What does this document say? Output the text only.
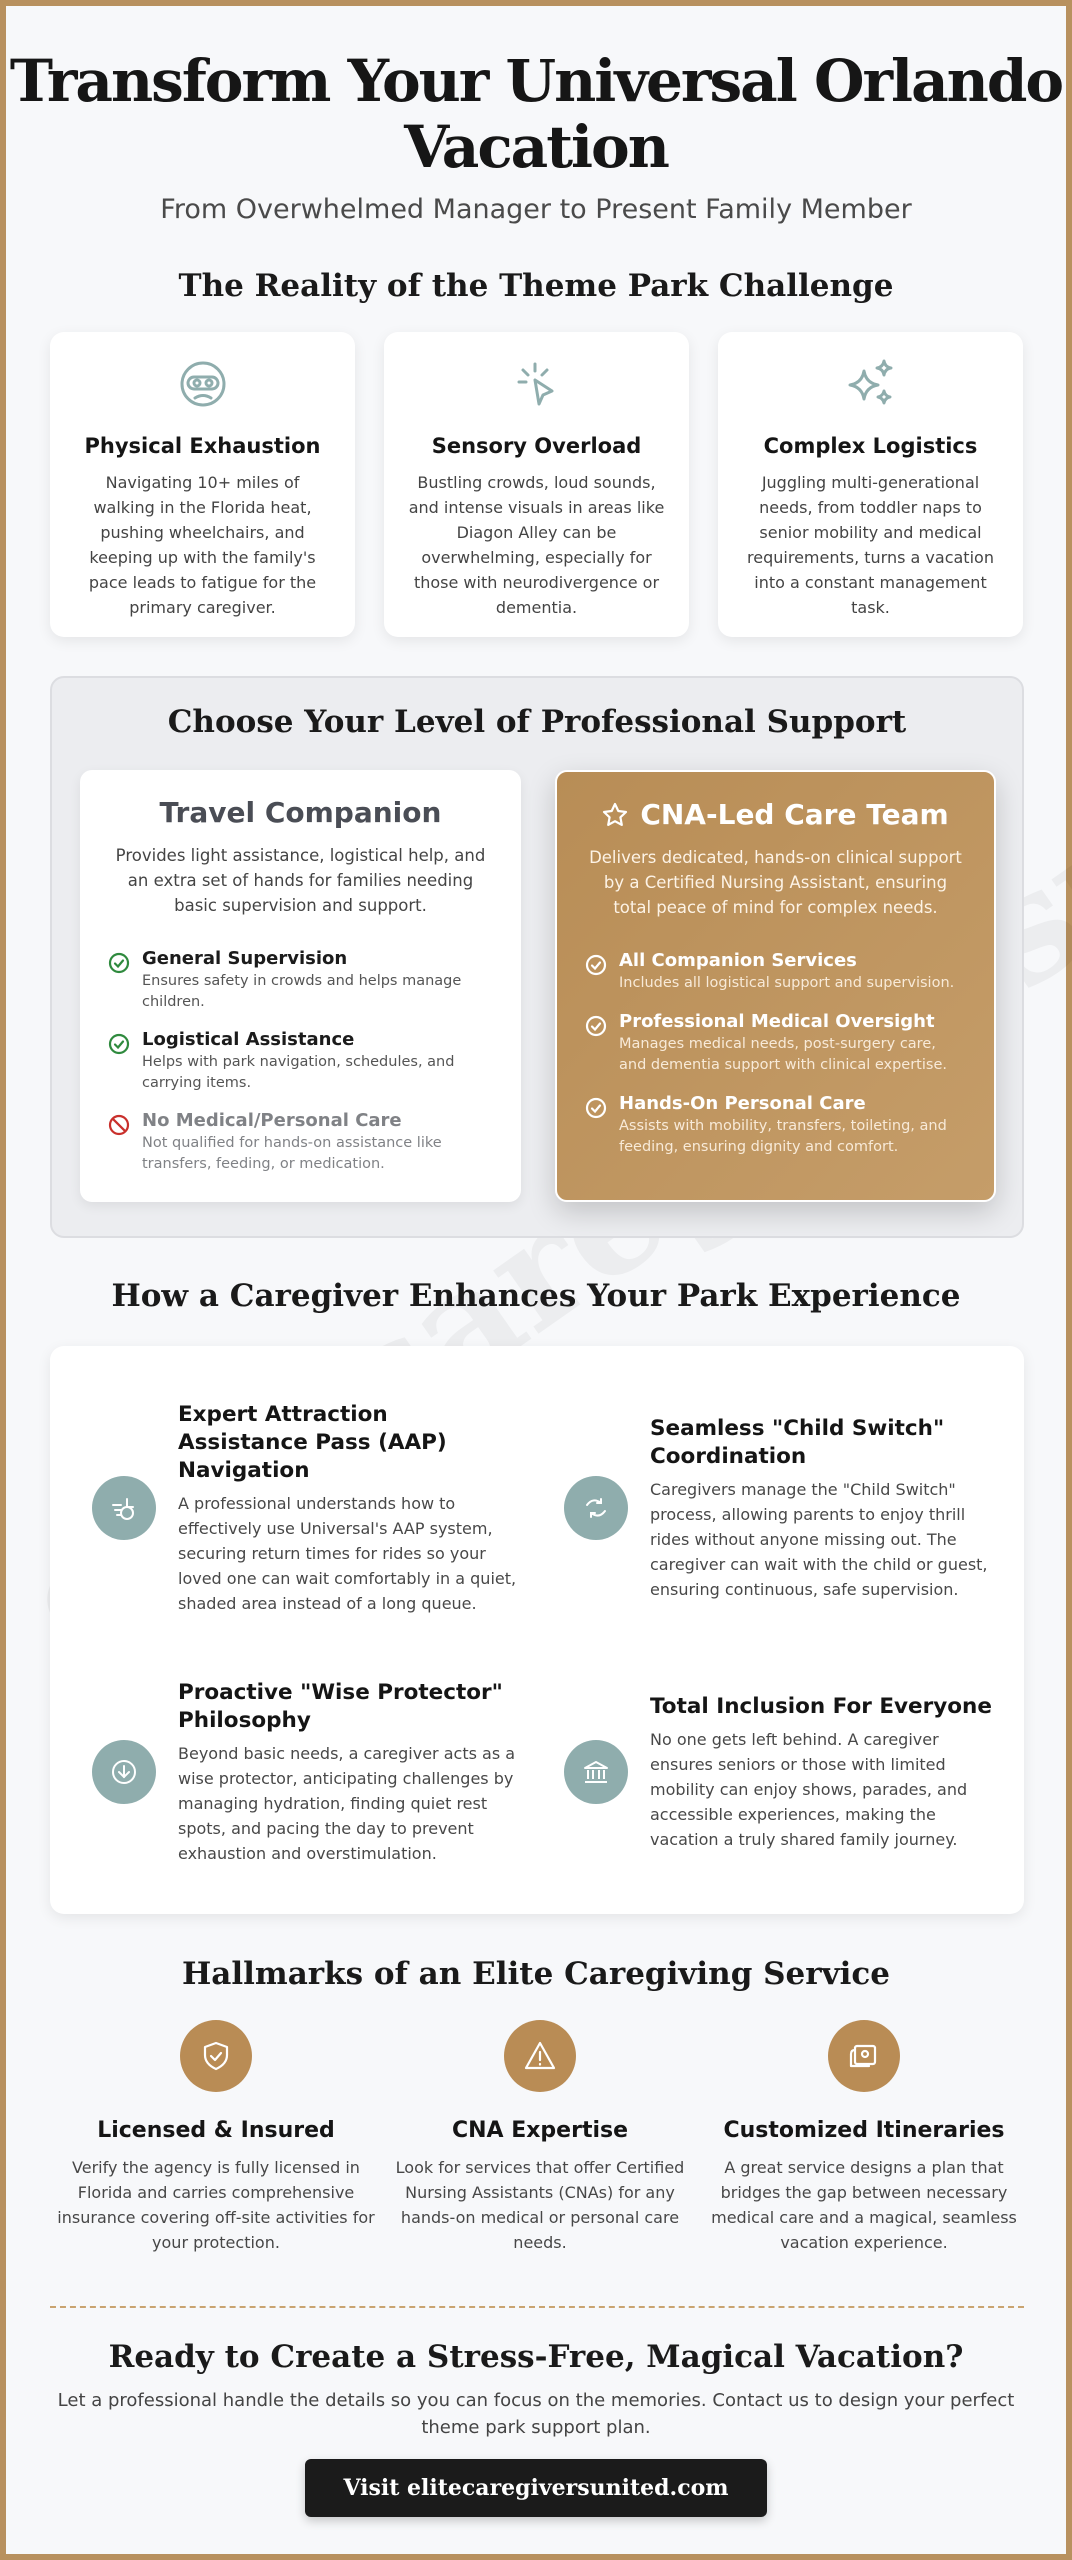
Transform Your Universal Orlando Vacation
From Overwhelmed Manager to Present Family Member
The Reality of the Theme Park Challenge
Physical Exhaustion

Navigating 10+ miles of walking in the Florida heat, pushing wheelchairs, and keeping up with the family's pace leads to fatigue for the primary caregiver.

Sensory Overload

Bustling crowds, loud sounds, and intense visuals in areas like Diagon Alley can be overwhelming, especially for those with neurodivergence or dementia.

Complex Logistics

Juggling multi-generational needs, from toddler naps to senior mobility and medical requirements, turns a vacation into a constant management task.

Choose Your Level of Professional Support
Travel Companion

Provides light assistance, logistical help, and an extra set of hands for families needing basic supervision and support.

General Supervision
Ensures safety in crowds and helps manage children.
Logistical Assistance
Helps with park navigation, schedules, and carrying items.
No Medical/Personal Care
Not qualified for hands-on assistance like transfers, feeding, or medication.
CNA-Led Care Team

Delivers dedicated, hands-on clinical support by a Certified Nursing Assistant, ensuring total peace of mind for complex needs.

All Companion Services
Includes all logistical support and supervision.
Professional Medical Oversight
Manages medical needs, post-surgery care, and dementia support with clinical expertise.
Hands-On Personal Care
Assists with mobility, transfers, toileting, and feeding, ensuring dignity and comfort.
How a Caregiver Enhances Your Park Experience
Expert Attraction Assistance Pass (AAP) Navigation

A professional understands how to effectively use Universal's AAP system, securing return times for rides so your loved one can wait comfortably in a quiet, shaded area instead of a long queue.

Seamless "Child Switch" Coordination

Caregivers manage the "Child Switch" process, allowing parents to enjoy thrill rides without anyone missing out. The caregiver can wait with the child or guest, ensuring continuous, safe supervision.

Proactive "Wise Protector" Philosophy

Beyond basic needs, a caregiver acts as a wise protector, anticipating challenges by managing hydration, finding quiet rest spots, and pacing the day to prevent exhaustion and overstimulation.

Total Inclusion For Everyone

No one gets left behind. A caregiver ensures seniors or those with limited mobility can enjoy shows, parades, and accessible experiences, making the vacation a truly shared family journey.

Hallmarks of an Elite Caregiving Service
Licensed & Insured

Verify the agency is fully licensed in Florida and carries comprehensive insurance covering off-site activities for your protection.

CNA Expertise

Look for services that offer Certified Nursing Assistants (CNAs) for any hands-on medical or personal care needs.

Customized Itineraries

A great service designs a plan that bridges the gap between necessary medical care and a magical, seamless vacation experience.

Ready to Create a Stress-Free, Magical Vacation?

Let a professional handle the details so you can focus on the memories. Contact us to design your perfect theme park support plan.

Visit elitecaregiversunited.com
